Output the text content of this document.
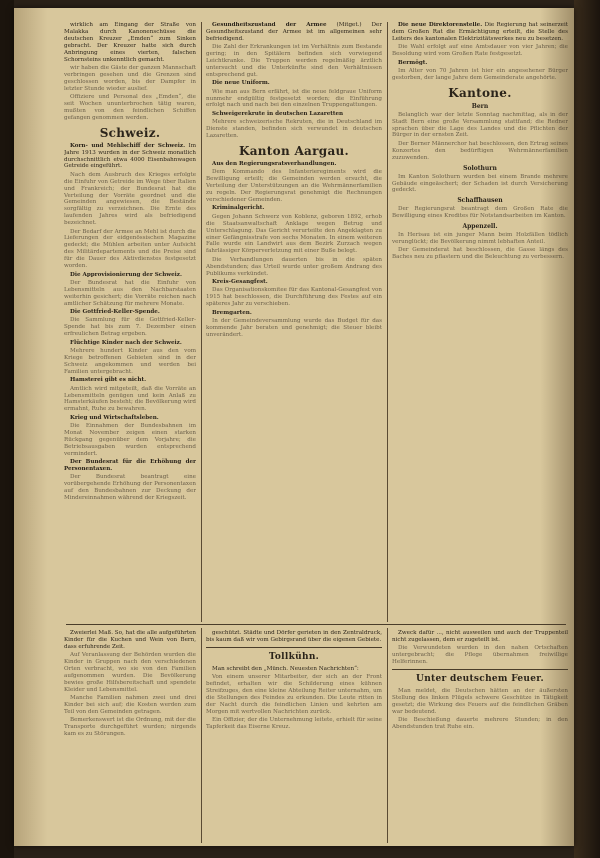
wirklich am Eingang der Straße von Malakka durch Kanonenschüsse die deutschen Kreuzer „Emden“ zum Sinken gebracht. Der Kreuzer hatte sich durch Anbringung eines vierten, falschen Schornsteins unkenntlich gemacht.

wir haben die Gäste der ganzen Mannschaft verbringen gesehen und die Grenzen sind geschlossen worden, bis der Dampfer in letzter Stunde wieder auslief.

Offiziere und Personal des „Emden“, die seit Wochen ununterbrochen tätig waren, mußten von den feindlichen Schiffen gefangen genommen werden.

Schweiz.

Korn- und Mehlschiff der Schweiz. Im Jahre 1913 wurden in der Schweiz monatlich durchschnittlich etwa 4000 Eisenbahnwagen Getreide eingeführt.

Nach dem Ausbruch des Krieges erfolgte die Einfuhr von Getreide im Wege über Italien und Frankreich; der Bundesrat hat die Verteilung der Vorräte geordnet und die Gemeinden angewiesen, die Bestände sorgfältig zu verzeichnen. Die Ernte des laufenden Jahres wird als befriedigend bezeichnet.

Der Bedarf der Armee an Mehl ist durch die Lieferungen der eidgenössischen Magazine gedeckt; die Mühlen arbeiten unter Aufsicht des Militärdepartements und die Preise sind für die Dauer des Aktivdienstes festgesetzt worden.

Die Approvisionierung der Schweiz.

Der Bundesrat hat die Einfuhr von Lebensmitteln aus den Nachbarstaaten weiterhin gesichert; die Vorräte reichen nach amtlicher Schätzung für mehrere Monate.

Die Gottfried-Keller-Spende.

Die Sammlung für die Gottfried-Keller-Spende hat bis zum 7. Dezember einen erfreulichen Betrag ergeben.

Flüchtige Kinder nach der Schweiz.

Mehrere hundert Kinder aus den vom Kriege betroffenen Gebieten sind in der Schweiz angekommen und werden bei Familien untergebracht.

Hamsterei gibt es nicht.

Amtlich wird mitgeteilt, daß die Vorräte an Lebensmitteln genügen und kein Anlaß zu Hamsterkäufen besteht; die Bevölkerung wird ermahnt, Ruhe zu bewahren.

Krieg und Wirtschaftsleben.

Die Einnahmen der Bundesbahnen im Monat November zeigen einen starken Rückgang gegenüber dem Vorjahre; die Betriebsausgaben wurden entsprechend vermindert.

Der Bundesrat für die Erhöhung der Personentaxen.

Der Bundesrat beantragt eine vorübergehende Erhöhung der Personentaxen auf den Bundesbahnen zur Deckung der Mindereinnahmen während der Kriegszeit.

Gesundheitszustand der Armee (Mitget.) Der Gesundheitszustand der Armee ist im allgemeinen sehr befriedigend.

Die Zahl der Erkrankungen ist im Verhältnis zum Bestande gering; in den Spitälern befinden sich vorwiegend Leichtkranke. Die Truppen werden regelmäßig ärztlich untersucht und die Unterkünfte sind den Verhältnissen entsprechend gut.

Die neue Uniform.

Wie man aus Bern erfährt, ist die neue feldgraue Uniform nunmehr endgültig festgesetzt worden; die Einführung erfolgt nach und nach bei den einzelnen Truppengattungen.

Schweigerekrute in deutschen Lazaretten

Mehrere schweizerische Rekruten, die in Deutschland im Dienste standen, befinden sich verwundet in deutschen Lazaretten.

Kanton Aargau.

Aus den Regierungsratsverhandlungen.

Dem Kommando des Infanterieregiments wird die Bewilligung erteilt; die Gemeinden werden ersucht, die Verteilung der Unterstützungen an die Wehrmännerfamilien zu regeln. Der Regierungsrat genehmigt die Rechnungen verschiedener Gemeinden.

Kriminalgericht.

Gegen Johann Schwerz von Koblenz, geboren 1892, erhob die Staatsanwaltschaft Anklage wegen Betrug und Unterschlagung. Das Gericht verurteilte den Angeklagten zu einer Gefängnisstrafe von sechs Monaten. In einem weiteren Falle wurde ein Landwirt aus dem Bezirk Zurzach wegen fahrlässiger Körperverletzung mit einer Buße belegt.

Die Verhandlungen dauerten bis in die späten Abendstunden; das Urteil wurde unter großem Andrang des Publikums verkündet.

Kreis-Gesangfest.

Das Organisationskomitee für das Kantonal-Gesangfest von 1915 hat beschlossen, die Durchführung des Festes auf ein späteres Jahr zu verschieben.

Bremgarten.

In der Gemeindeversammlung wurde das Budget für das kommende Jahr beraten und genehmigt; die Steuer bleibt unverändert.

Die neue Direktorenstelle. Die Regierung hat seinerzeit dem Großen Rat die Ermächtigung erteilt, die Stelle des Leiters des kantonalen Elektrizitätswerkes neu zu besetzen.

Die Wahl erfolgt auf eine Amtsdauer von vier Jahren; die Besoldung wird vom Großen Rate festgesetzt.

Bermögt.

Im Alter von 70 Jahren ist hier ein angesehener Bürger gestorben, der lange Jahre dem Gemeinderate angehörte.

Kantone.
Bern

Belanglich war der letzte Sonntag nachmittag, als in der Stadt Bern eine große Versammlung stattfand; die Redner sprachen über die Lage des Landes und die Pflichten der Bürger in der ernsten Zeit.

Der Berner Männerchor hat beschlossen, den Ertrag seines Konzertes den bedürftigen Wehrmännerfamilien zuzuwenden.

Solothurn

Im Kanton Solothurn wurden bei einem Brande mehrere Gebäude eingeäschert; der Schaden ist durch Versicherung gedeckt.

Schaffhausen

Der Regierungsrat beantragt dem Großen Rate die Bewilligung eines Kredites für Notstandsarbeiten im Kanton.

Appenzell.

In Herisau ist ein junger Mann beim Holzfällen tödlich verunglückt; die Bevölkerung nimmt lebhaften Anteil.

Der Gemeinderat hat beschlossen, die Gasse längs des Baches neu zu pflastern und die Beleuchtung zu verbessern.

Zweierlei Maß. So, hat die alle aufgeführten Kinder für die Kuchen und Wein von Bern, dass erfuhrende Zeit.

Auf Veranlassung der Behörden wurden die Kinder in Gruppen nach den verschiedenen Orten verbracht, wo sie von den Familien aufgenommen wurden. Die Bevölkerung bewies große Hilfsbereitschaft und spendete Kleider und Lebensmittel.

Manche Familien nahmen zwei und drei Kinder bei sich auf; die Kosten werden zum Teil von den Gemeinden getragen.

Bemerkenswert ist die Ordnung, mit der die Transporte durchgeführt wurden; nirgends kam es zu Störungen.

geschützt. Städte und Dörfer gerieten in den Zentraldruck, bis kaum daß wir vom Gebirgsrand über die eigenen Gebiete.

Tollkühn.

Man schreibt den „Münch. Neuesten Nachrichten“:

Von einem unserer Mitarbeiter, der sich an der Front befindet, erhalten wir die Schilderung eines kühnen Streifzuges, den eine kleine Abteilung Reiter unternahm, um die Stellungen des Feindes zu erkunden. Die Leute ritten in der Nacht durch die feindlichen Linien und kehrten am Morgen mit wertvollen Nachrichten zurück.

Ein Offizier, der die Unternehmung leitete, erhielt für seine Tapferkeit das Eiserne Kreuz.

Zweck dafür ..., nicht ausweilen und auch der Truppenteil nicht zugelassen, dem er zugeteilt ist.

Die Verwundeten wurden in den nahen Ortschaften untergebracht; die Pflege übernahmen freiwillige Helferinnen.

Unter deutschem Feuer.

Man meldet, die Deutschen hätten an der äußersten Stellung des linken Flügels schwere Geschütze in Tätigkeit gesetzt; die Wirkung des Feuers auf die feindlichen Gräben war bedeutend.

Die Beschießung dauerte mehrere Stunden; in den Abendstunden trat Ruhe ein.
